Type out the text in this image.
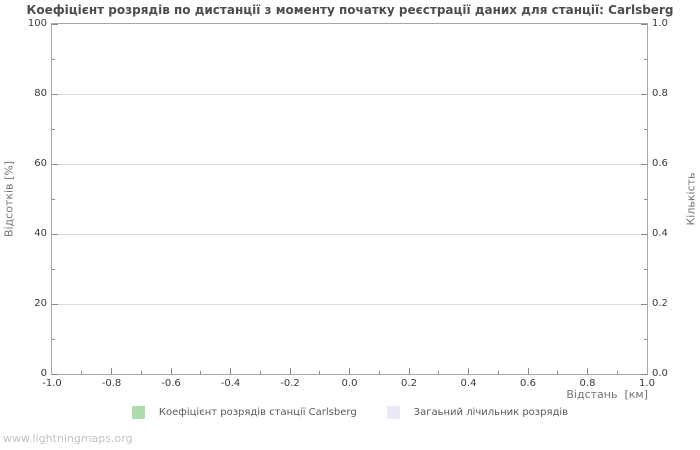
Коефіцієнт розрядів по дистанції з моменту початку реєстрації даних для станції: Carlsberg
Відсотків [%]	Кількість
Відстань  [км]
Коефіцієнт розрядів станції Carlsberg	Загаьний лічильник розрядів
www.lightningmaps.org
0
20
40
60
80
100
0.0
0.2
0.4
0.6
0.8
1.0
-1.0	-0.8	-0.6	-0.4	-0.2	0.0	0.2	0.4	0.6	0.8	1.0
